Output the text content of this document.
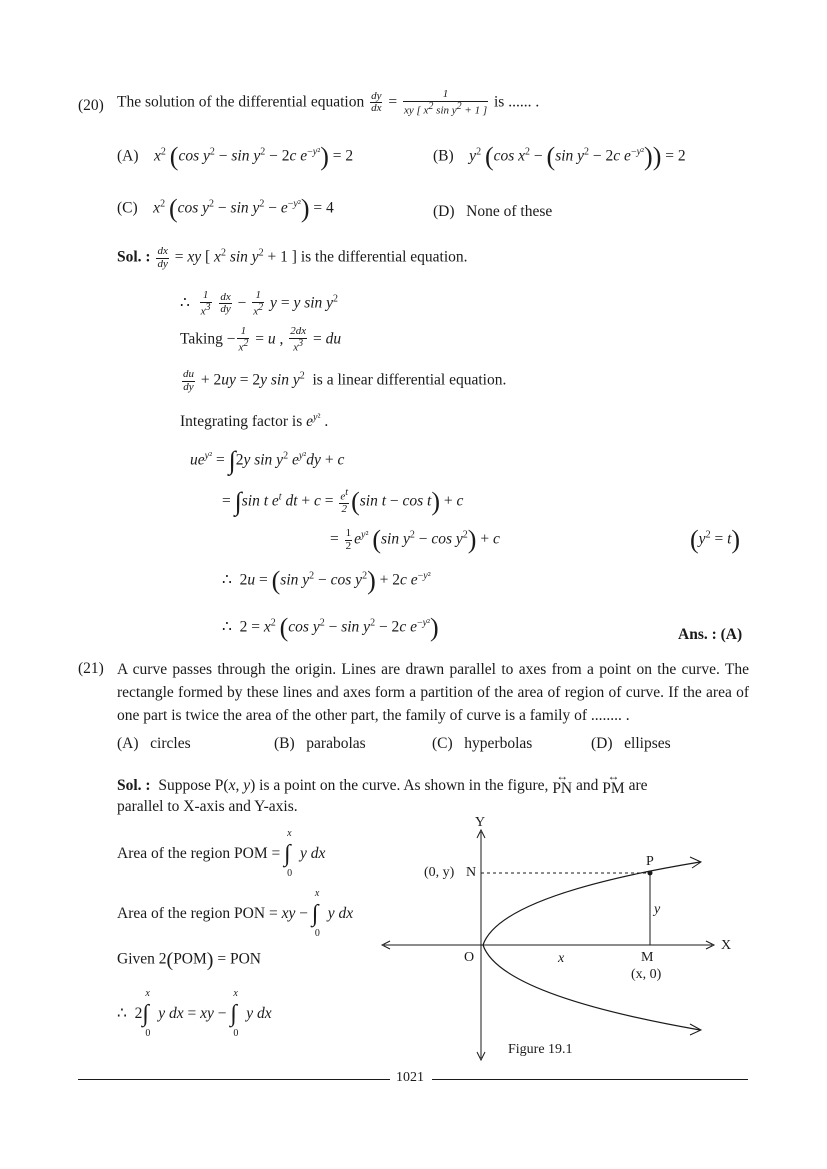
(20) The solution of the differential equation $\frac{dy}{dx} = \frac{1}{xy [ x^2 \sin y^2 + 1 ]}$ is ...... .
(A) $x^2$ (cos $y^2 - \sin y^2 - 2c$ $e^{-y^2}) = 2$	(B) $y^2$ (cos $x^2 - (\sin$ $y^2 - 2c$ $e^{-y^2})) = 2$
(C) $x^2$ (cos $y^2 - \sin y^2 - e^{-y^2}) = 4$	(D) None of these
Sol. : $\frac{dx}{dy}$ = xy [ $x^2$ $\sin y^2 + 1$ ] is the differential equation.
∴ $\frac{1}{x^3}$
$\frac{dx}{dy} - \frac{1}{x^2}$ y = y $\sin y^2$
Taking − $\frac{1}{x^2} = u$ , $\frac{2dx}{x^3}$ = du
$\frac{du}{dy} + 2uy = 2y$ $\sin y^2$ is a linear differential equation.
Integrating factor is $e^{y^2}$ .
$ue^{y^2} = \int 2y$ $\sin y^2$ $e^{y^2}dy + c$
= ∫sin t $e^t$ dt + $c = \frac{e^t}{2} (\sin$ t − cos t) + c
= $\frac{1}{2} e^{y^2}$ (sin $y^2 - \cos y^2) + c$	$(y^2 = t)$
∴  2u = (sin $y^2 - \cos y^2) + 2c$ $e^{-y^2}$
∴  $2 = x^2$ (cos $y^2 - \sin y^2 - 2c$ $e^{-y^2}$)	Ans. : (A)
(21) A curve passes through the origin. Lines are drawn parallel to axes from a point on the curve. The rectangle formed by these lines and axes form a partition of the area of region of curve. If the area of one part is twice the area of the other part, the family of curve is a family of ........ .
(A) circles	(B) parabolas	(C) hyperbolas	(D) ellipses
Sol. : Suppose P(x, y) is a point on the curve. As shown in the figure,
↔
PN and
↔
PM are
parallel to X-axis and Y-axis.
Area of the region POM =
x
∫
0
y dx
Area of the region PON = xy −
x
∫
0
y dx
Given 2(POM) = PON
∴  2
x
∫
0
y dx = xy −
x
∫
0
y dx
Y
X
(0, y) N
P
y
O	x	M
(x, 0)
Figure 19.1
1021
